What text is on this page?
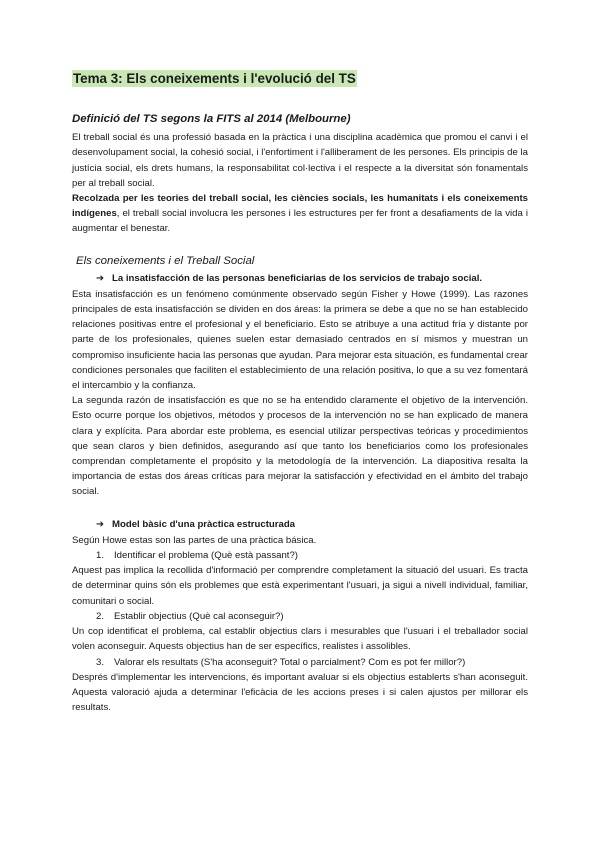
Tema 3: Els coneixements i l'evolució del TS
Definició del TS segons la FITS al 2014 (Melbourne)

El treball social és una professió basada en la pràctica i una disciplina acadèmica que promou el canvi i el desenvolupament social, la cohesió social, i l'enfortiment i l'alliberament de les persones. Els principis de la justícia social, els drets humans, la responsabilitat col·lectiva i el respecte a la diversitat són fonamentals per al treball social.

Recolzada per les teories del treball social, les ciències socials, les humanitats i els coneixements indígenes, el treball social involucra les persones i les estructures per fer front a desafiaments de la vida i augmentar el benestar.

Els coneixements i el Treball Social
➔ La insatisfacción de las personas beneficiarias de los servicios de trabajo social.

Esta insatisfacción es un fenómeno comúnmente observado según Fisher y Howe (1999). Las razones principales de esta insatisfacción se dividen en dos áreas: la primera se debe a que no se han establecido relaciones positivas entre el profesional y el beneficiario. Esto se atribuye a una actitud fría y distante por parte de los profesionales, quienes suelen estar demasiado centrados en sí mismos y muestran un compromiso insuficiente hacia las personas que ayudan. Para mejorar esta situación, es fundamental crear condiciones personales que faciliten el establecimiento de una relación positiva, lo que a su vez fomentará el intercambio y la confianza.

La segunda razón de insatisfacción es que no se ha entendido claramente el objetivo de la intervención. Esto ocurre porque los objetivos, métodos y procesos de la intervención no se han explicado de manera clara y explícita. Para abordar este problema, es esencial utilizar perspectivas teóricas y procedimientos que sean claros y bien definidos, asegurando así que tanto los beneficiarios como los profesionales comprendan completamente el propósito y la metodología de la intervención. La diapositiva resalta la importancia de estas dos áreas críticas para mejorar la satisfacción y efectividad en el ámbito del trabajo social.

➔ Model bàsic d'una pràctica estructurada

Según Howe estas son las partes de una pràctica básica.

1.	Identificar el problema (Què està passant?)

Aquest pas implica la recollida d'informació per comprendre completament la situació del usuari. Es tracta de determinar quins són els problemes que està experimentant l'usuari, ja sigui a nivell individual, familiar, comunitari o social.

2.	Establir objectius (Què cal aconseguir?)

Un cop identificat el problema, cal establir objectius clars i mesurables que l'usuari i el treballador social volen aconseguir. Aquests objectius han de ser específics, realistes i assolibles.

3.	Valorar els resultats (S'ha aconseguit? Total o parcialment? Com es pot fer millor?)

Després d'implementar les intervencions, és important avaluar si els objectius establerts s'han aconseguit. Aquesta valoració ajuda a determinar l'eficàcia de les accions preses i si calen ajustos per millorar els resultats.
